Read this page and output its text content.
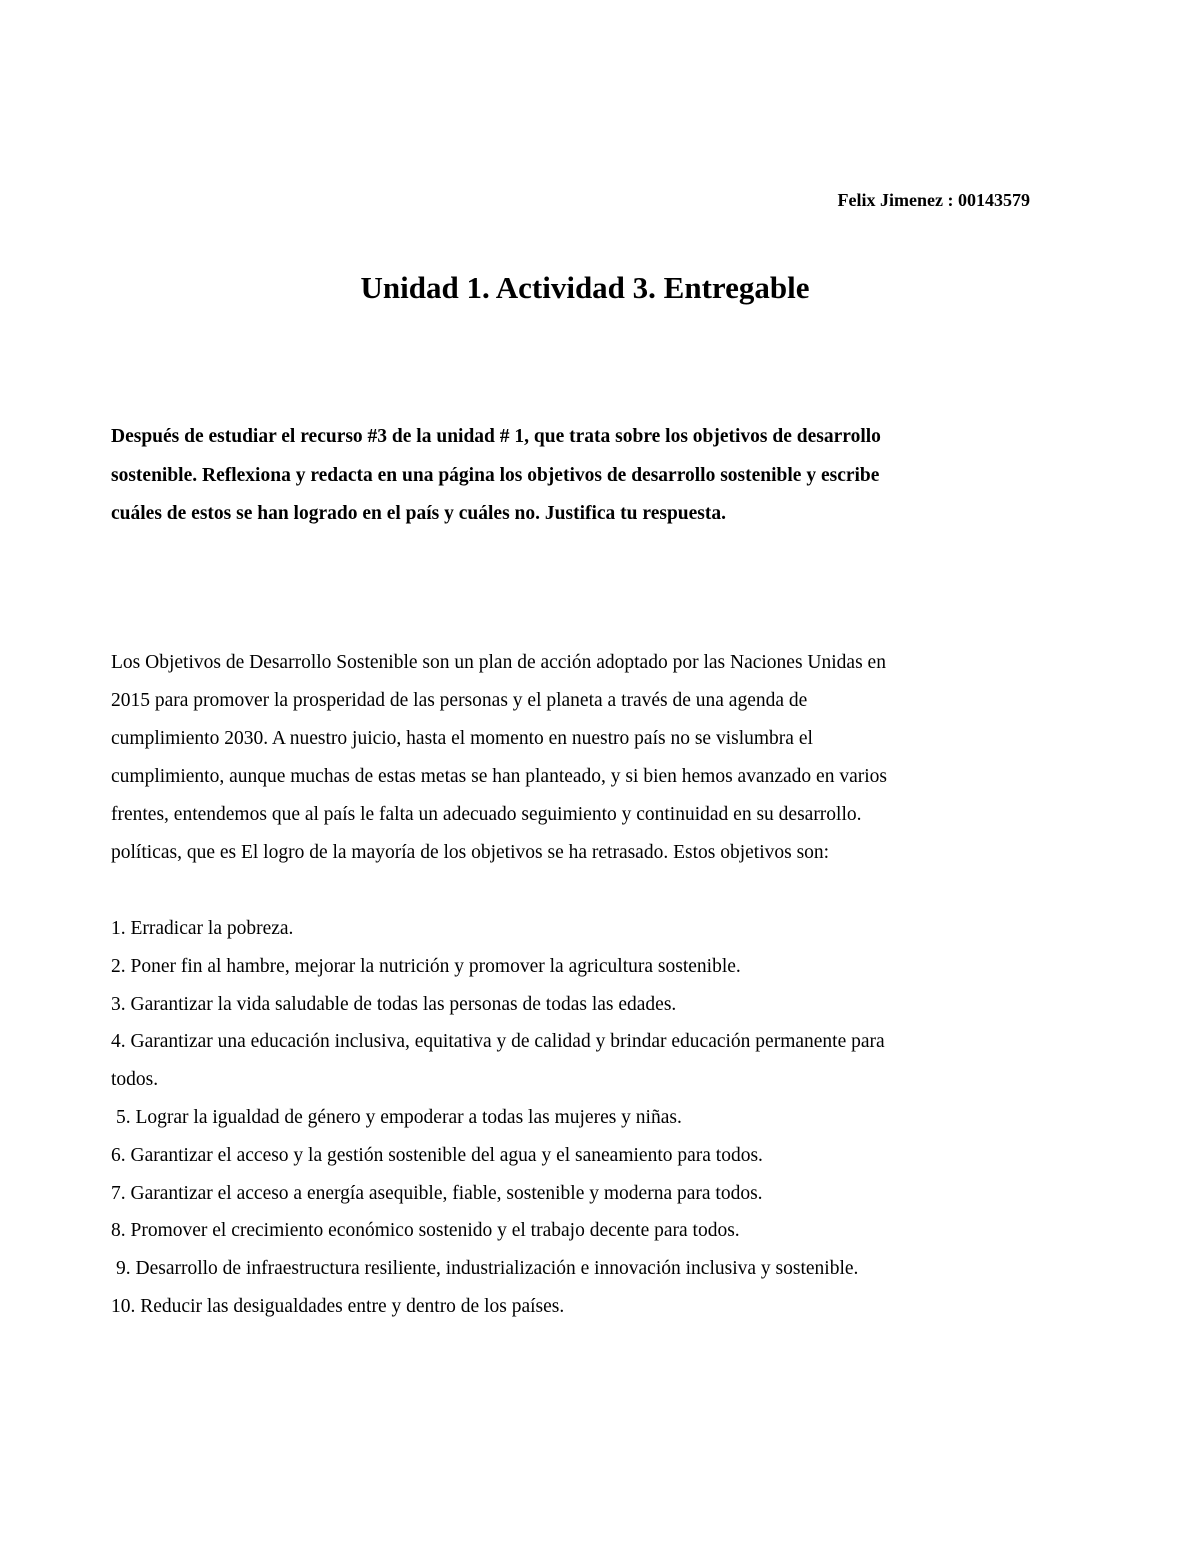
Felix Jimenez : 00143579
Unidad 1. Actividad 3. Entregable
Después de estudiar el recurso #3 de la unidad # 1, que trata sobre los objetivos de desarrollo
sostenible. Reflexiona y redacta en una página los objetivos de desarrollo sostenible y escribe
cuáles de estos se han logrado en el país y cuáles no. Justifica tu respuesta.
Los Objetivos de Desarrollo Sostenible son un plan de acción adoptado por las Naciones Unidas en
2015 para promover la prosperidad de las personas y el planeta a través de una agenda de
cumplimiento 2030. A nuestro juicio, hasta el momento en nuestro país no se vislumbra el
cumplimiento, aunque muchas de estas metas se han planteado, y si bien hemos avanzado en varios
frentes, entendemos que al país le falta un adecuado seguimiento y continuidad en su desarrollo.
políticas, que es El logro de la mayoría de los objetivos se ha retrasado. Estos objetivos son:
1. Erradicar la pobreza.
2. Poner fin al hambre, mejorar la nutrición y promover la agricultura sostenible.
3. Garantizar la vida saludable de todas las personas de todas las edades.
4. Garantizar una educación inclusiva, equitativa y de calidad y brindar educación permanente para
todos.
5. Lograr la igualdad de género y empoderar a todas las mujeres y niñas.
6. Garantizar el acceso y la gestión sostenible del agua y el saneamiento para todos.
7. Garantizar el acceso a energía asequible, fiable, sostenible y moderna para todos.
8. Promover el crecimiento económico sostenido y el trabajo decente para todos.
9. Desarrollo de infraestructura resiliente, industrialización e innovación inclusiva y sostenible.
10. Reducir las desigualdades entre y dentro de los países.
